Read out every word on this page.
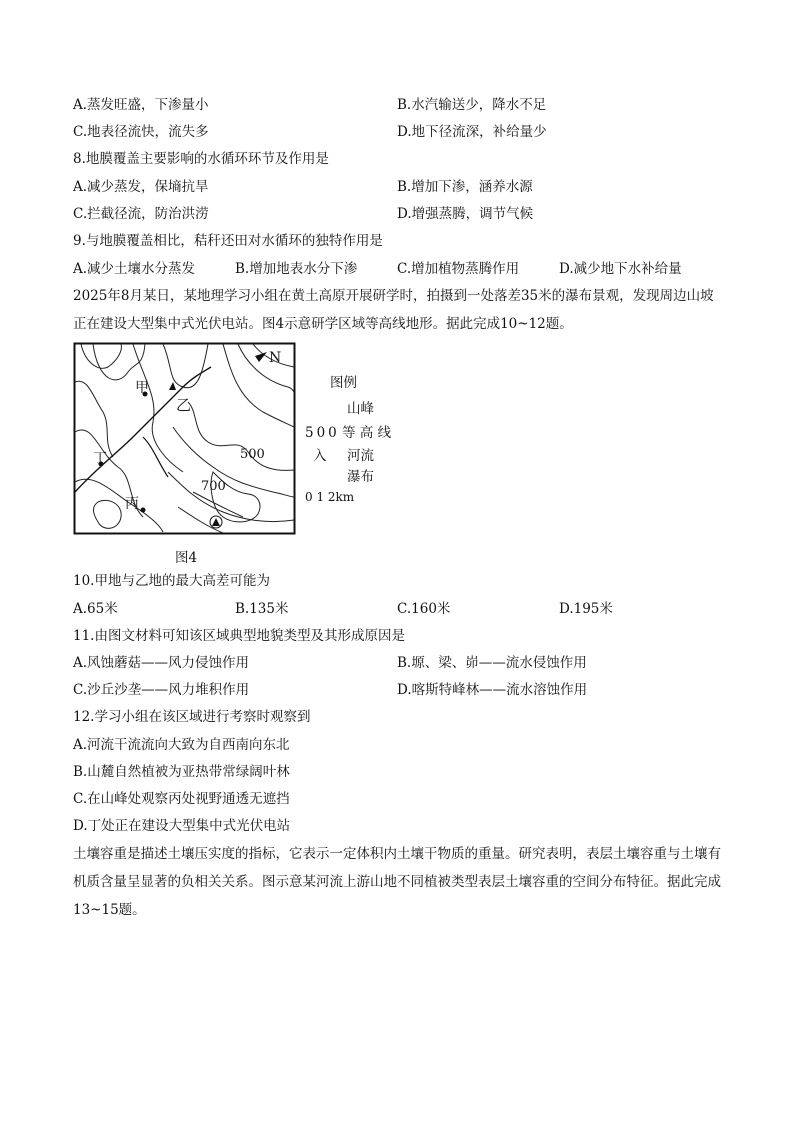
A.蒸发旺盛，下渗量小	B.水汽输送少，降水不足
C.地表径流快，流失多	D.地下径流深，补给量少
8.地膜覆盖主要影响的水循环环节及作用是
A.减少蒸发，保墒抗旱	B.增加下渗，涵养水源
C.拦截径流，防治洪涝	D.增强蒸腾，调节气候
9.与地膜覆盖相比，秸秆还田对水循环的独特作用是
A.减少土壤水分蒸发	B.增加地表水分下渗	C.增加植物蒸腾作用	D.减少地下水补给量
2025年8月某日，某地理学习小组在黄土高原开展研学时，拍摄到一处落差35米的瀑布景观，发现周边山坡正在建设大型集中式光伏电站。图4示意研学区域等高线地形。据此完成10~12题。
N
甲
乙
丁
丙
500
700
图4
图例
山峰
500 等 高 线
入 河流
瀑布
0 1 2km
10.甲地与乙地的最大高差可能为
A.65米	B.135米	C.160米	D.195米
11.由图文材料可知该区域典型地貌类型及其形成原因是
A.风蚀蘑菇——风力侵蚀作用	B.塬、梁、峁——流水侵蚀作用
C.沙丘沙垄——风力堆积作用	D.喀斯特峰林——流水溶蚀作用
12.学习小组在该区域进行考察时观察到
A.河流干流流向大致为自西南向东北
B.山麓自然植被为亚热带常绿阔叶林
C.在山峰处观察丙处视野通透无遮挡
D.丁处正在建设大型集中式光伏电站
土壤容重是描述土壤压实度的指标，它表示一定体积内土壤干物质的重量。研究表明，表层土壤容重与土壤有机质含量呈显著的负相关关系。图示意某河流上游山地不同植被类型表层土壤容重的空间分布特征。据此完成13~15题。
